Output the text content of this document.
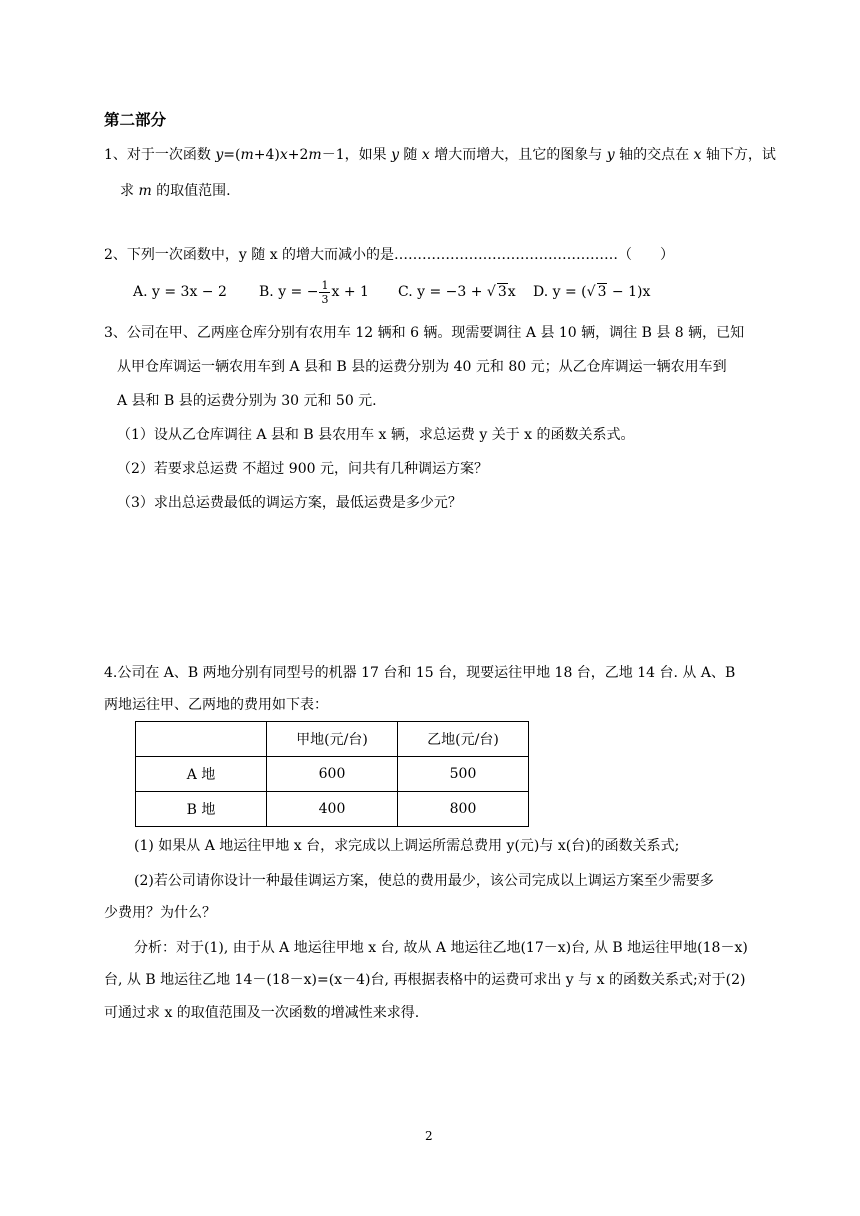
第二部分
1、对于一次函数 y=(m+4)x+2m－1，如果 y 随 x 增大而增大，且它的图象与 y 轴的交点在 x 轴下方，试
求 m 的取值范围.
2、下列一次函数中，y 随 x 的增大而减小的是…………………………………………（　　）
A. y = 3x − 2 B. y = − $\frac{1}{3}$ x + 1 C. y = −3 + √ 3x D. y = (√ 3 − 1)x
3、公司在甲、乙两座仓库分别有农用车 12 辆和 6 辆。现需要调往 A 县 10 辆，调往 B 县 8 辆，已知
从甲仓库调运一辆农用车到 A 县和 B 县的运费分别为 40 元和 80 元；从乙仓库调运一辆农用车到
A 县和 B 县的运费分别为 30 元和 50 元.
（1）设从乙仓库调往 A 县和 B 县农用车 x 辆，求总运费 y 关于 x 的函数关系式。
（2）若要求总运费 不超过 900 元，问共有几种调运方案？
（3）求出总运费最低的调运方案，最低运费是多少元？
4.公司在 A、B 两地分别有同型号的机器 17 台和 15 台，现要运往甲地 18 台，乙地 14 台. 从 A、B
两地运往甲、乙两地的费用如下表：
	甲地(元/台)	乙地(元/台)
A 地	600	500
B 地	400	800
(1) 如果从 A 地运往甲地 x 台，求完成以上调运所需总费用 y(元)与 x(台)的函数关系式;
(2)若公司请你设计一种最佳调运方案，使总的费用最少，该公司完成以上调运方案至少需要多
少费用？为什么？
分析：对于(1), 由于从 A 地运往甲地 x 台, 故从 A 地运往乙地(17－x)台, 从 B 地运往甲地(18－x)
台, 从 B 地运往乙地 14－(18－x)=(x－4)台, 再根据表格中的运费可求出 y 与 x 的函数关系式;对于(2)
可通过求 x 的取值范围及一次函数的增减性来求得.
2
